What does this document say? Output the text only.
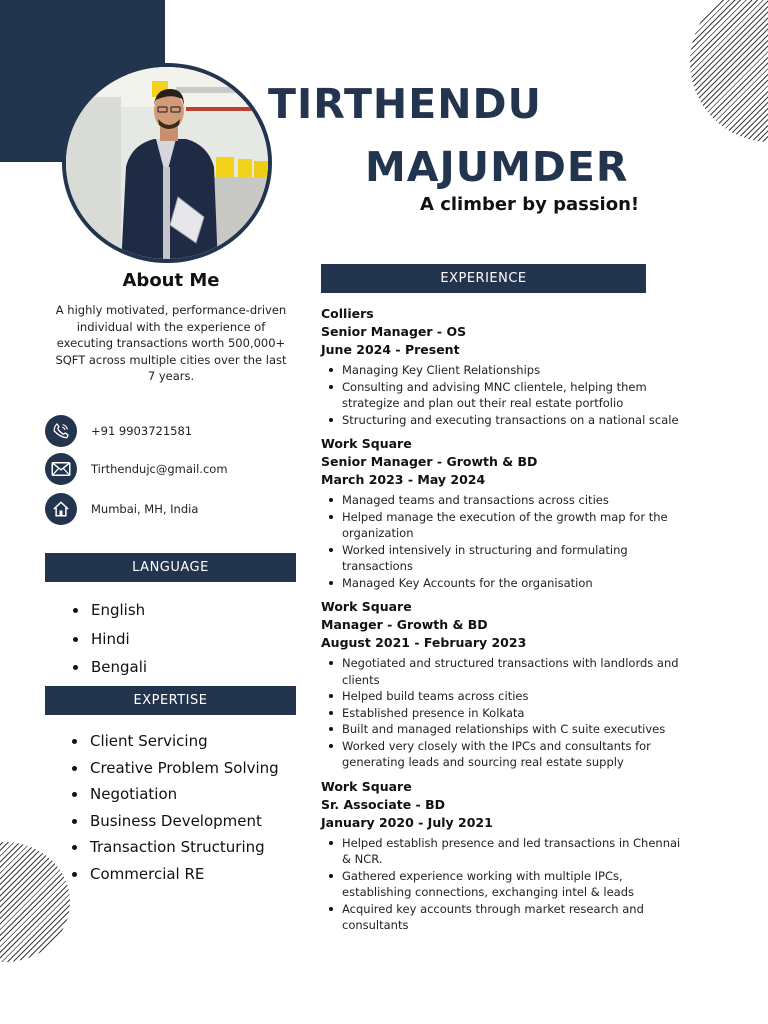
TIRTHENDU
MAJUMDER
A climber by passion!
About Me
A highly motivated, performance-driven individual with the experience of executing transactions worth 500,000+ SQFT across multiple cities over the last 7 years.
+91 9903721581
Tirthendujc@gmail.com
Mumbai, MH, India
LANGUAGE
English
Hindi
Bengali
EXPERTISE
Client Servicing
Creative Problem Solving
Negotiation
Business Development
Transaction Structuring
Commercial RE
EXPERIENCE
Colliers
Senior Manager - OS
June 2024 - Present
Managing Key Client Relationships
Consulting and advising MNC clientele, helping them strategize and plan out their real estate portfolio
Structuring and executing transactions on a national scale
Work Square
Senior Manager - Growth & BD
March 2023 - May 2024
Managed teams and transactions across cities
Helped manage the execution of the growth map for the organization
Worked intensively in structuring and formulating transactions
Managed Key Accounts for the organisation
Work Square
Manager - Growth & BD
August 2021 - February 2023
Negotiated and structured transactions with landlords and clients
Helped build teams across cities
Established presence in Kolkata
Built and managed relationships with C suite executives
Worked very closely with the IPCs and consultants for generating leads and sourcing real estate supply
Work Square
Sr. Associate - BD
January 2020 - July 2021
Helped establish presence and led transactions in Chennai & NCR.
Gathered experience working with multiple IPCs, establishing connections, exchanging intel & leads
Acquired key accounts through market research and consultants
